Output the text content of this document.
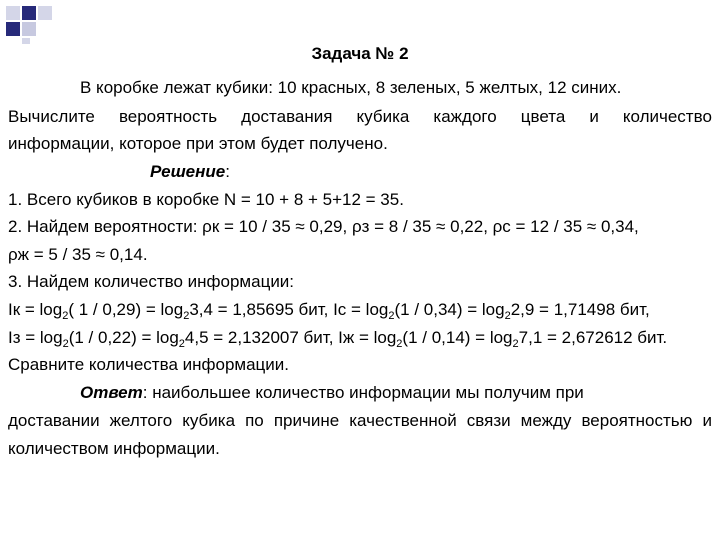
Задача № 2
В коробке лежат кубики: 10 красных, 8 зеленых, 5 желтых, 12 синих.
Вычислите вероятность доставания кубика каждого цвета и количество
информации, которое при этом будет получено.
Решение:
1. Всего кубиков в коробке N = 10 + 8 + 5+12 = 35.
2. Найдем вероятности: ρк = 10 / 35 ≈ 0,29, ρз = 8 / 35 ≈ 0,22, ρс = 12 / 35 ≈ 0,34,
ρж = 5 / 35 ≈ 0,14.
3. Найдем количество информации:
Iк = $\log_2$( $1 / 0,29) = \log_23,4 = 1,85695$ бит, Iс = $\log_2(1 / 0,34) = \log_22,9 = 1,71498$ бит,
Iз = $\log_2(1 / 0,22) = \log_24,5 = 2,132007$ бит, Iж = $\log_2(1 / 0,14) = \log_27,1 = 2,672612$ бит.
Сравните количества информации.
Ответ: наибольшее количество информации мы получим при
доставании желтого кубика по причине качественной связи между вероятностью и
количеством информации.
